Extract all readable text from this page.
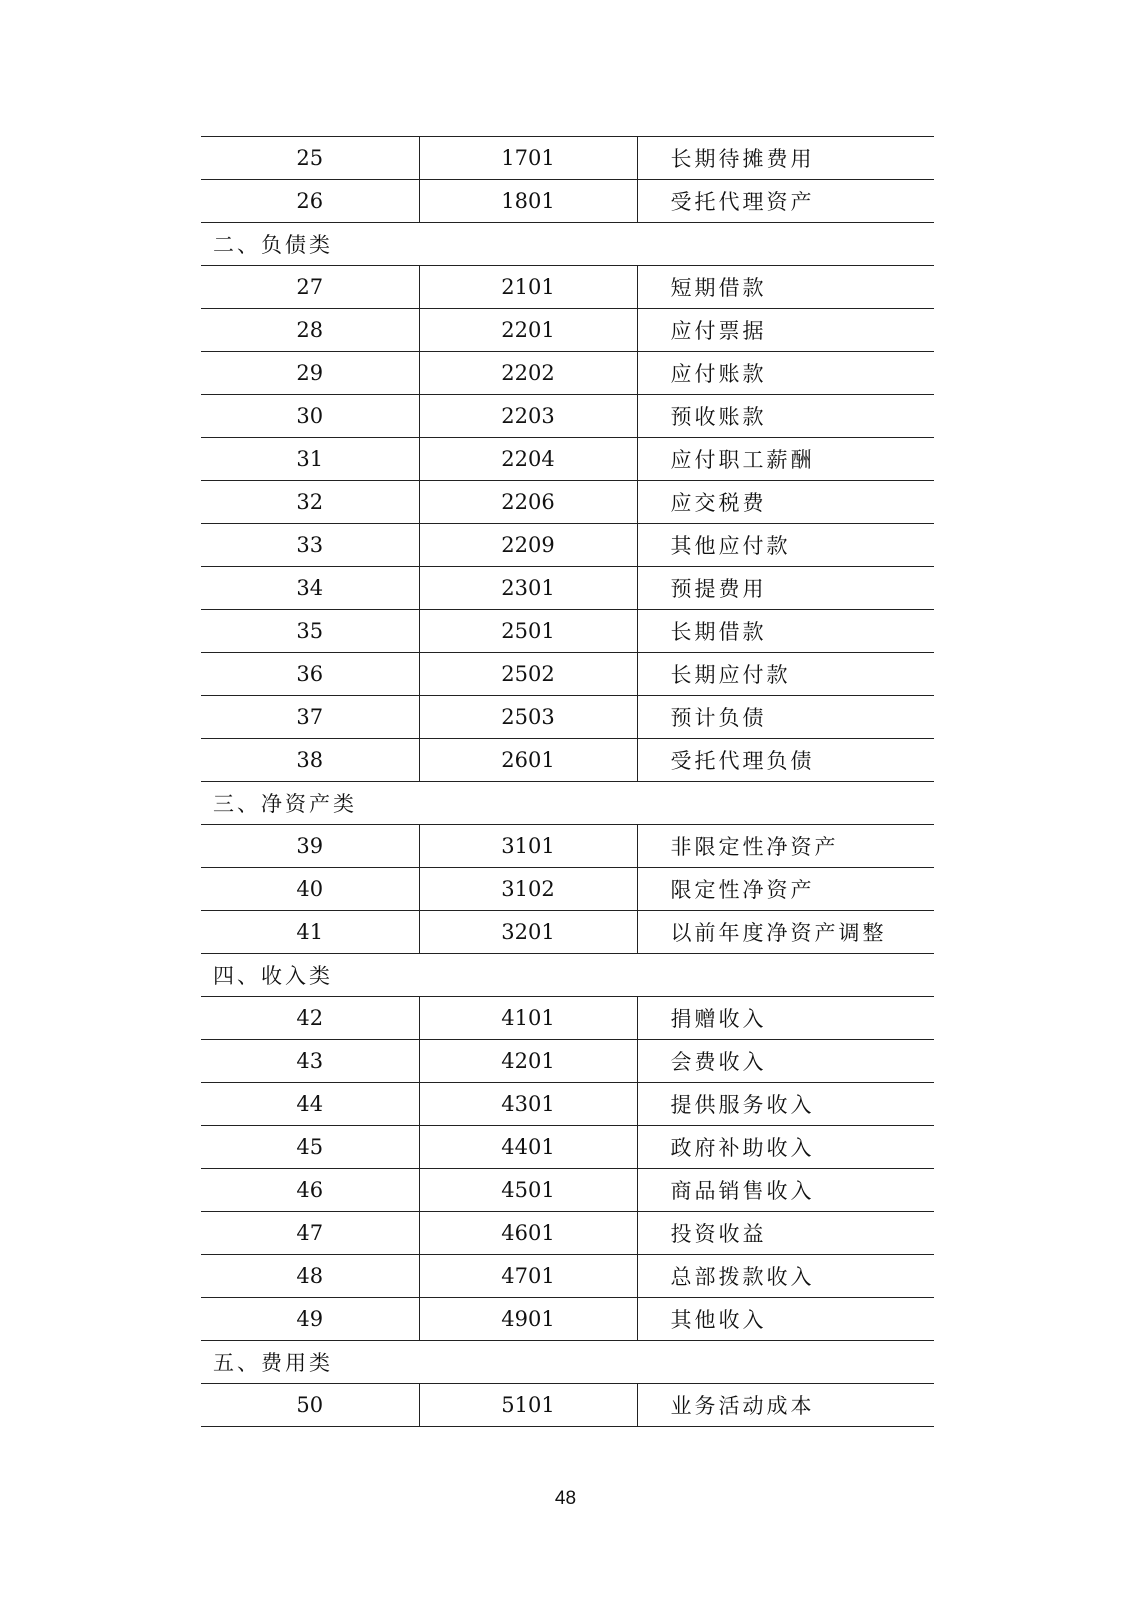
25	1701	长期待摊费用
26	1801	受托代理资产
二、负债类		
27	2101	短期借款
28	2201	应付票据
29	2202	应付账款
30	2203	预收账款
31	2204	应付职工薪酬
32	2206	应交税费
33	2209	其他应付款
34	2301	预提费用
35	2501	长期借款
36	2502	长期应付款
37	2503	预计负债
38	2601	受托代理负债
三、净资产类		
39	3101	非限定性净资产
40	3102	限定性净资产
41	3201	以前年度净资产调整
四、收入类		
42	4101	捐赠收入
43	4201	会费收入
44	4301	提供服务收入
45	4401	政府补助收入
46	4501	商品销售收入
47	4601	投资收益
48	4701	总部拨款收入
49	4901	其他收入
五、费用类		
50	5101	业务活动成本
48
